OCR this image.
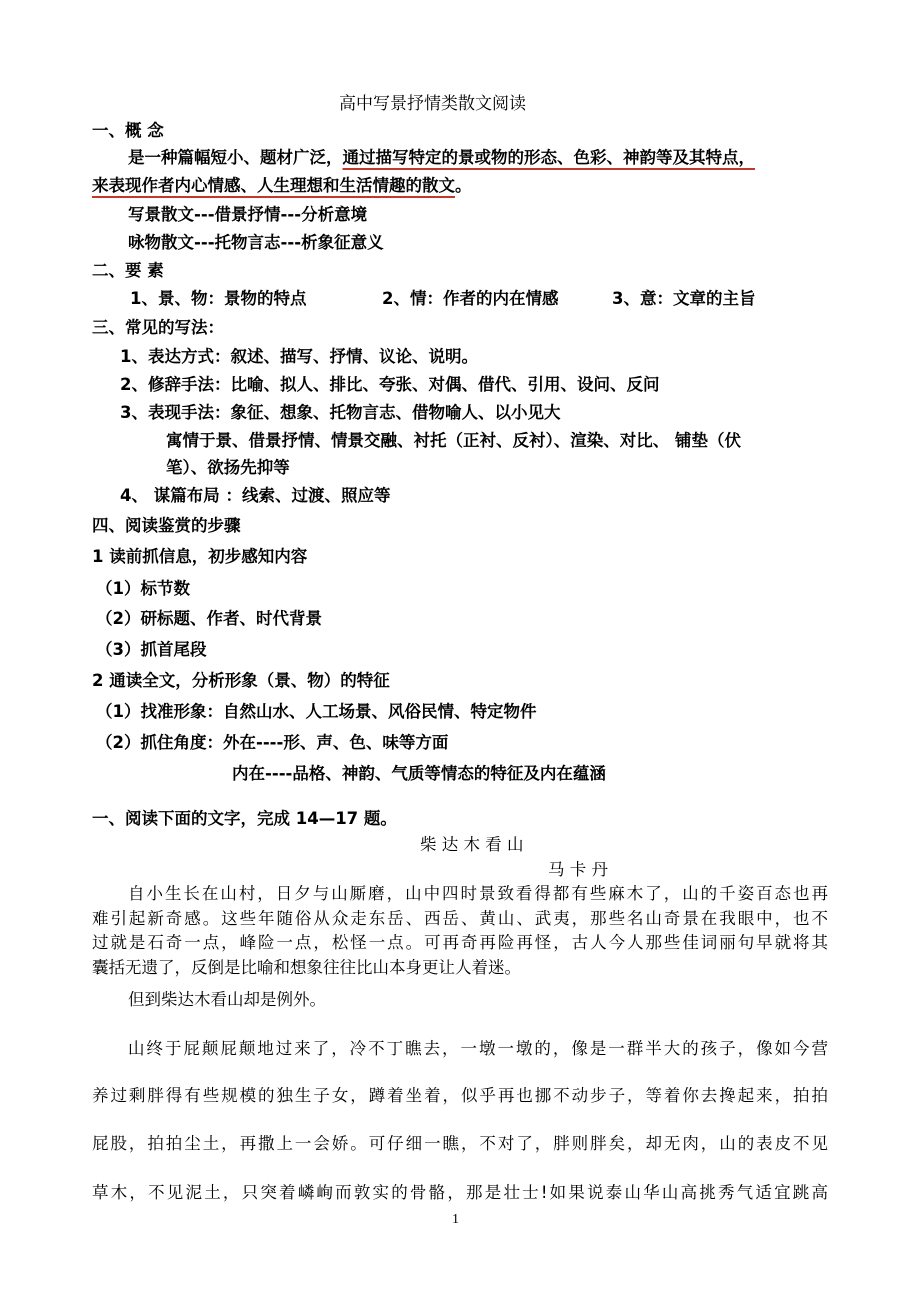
高中写景抒情类散文阅读
一、概 念
是一种篇幅短小、题材广泛，通过描写特定的景或物的形态、色彩、神韵等及其特点，
来表现作者内心情感、人生理想和生活情趣的散文。
写景散文---借景抒情---分析意境
咏物散文---托物言志---析象征意义
二、要 素
1、景、物：景物的特点	2、情：作者的内在情感	3、意：文章的主旨
三、常见的写法：
1、表达方式：叙述、描写、抒情、议论、说明。
2、修辞手法：比喻、拟人、排比、夸张、对偶、借代、引用、设问、反问
3、表现手法：象征、想象、托物言志、借物喻人、以小见大
寓情于景、借景抒情、情景交融、衬托（正衬、反衬）、渲染、对比、 铺垫（伏
笔）、欲扬先抑等
4、 谋篇布局 ：线索、过渡、照应等
四、阅读鉴赏的步骤
1 读前抓信息，初步感知内容
（1）标节数
（2）研标题、作者、时代背景
（3）抓首尾段
2 通读全文，分析形象（景、物）的特征
（1）找准形象：自然山水、人工场景、风俗民情、特定物件
（2）抓住角度：外在----形、声、色、味等方面
内在----品格、神韵、气质等情态的特征及内在蕴涵
一、阅读下面的文字，完成 14—17 题。
柴 达 木 看 山
马 卡 丹
自小生长在山村，日夕与山厮磨，山中四时景致看得都有些麻木了，山的千姿百态也再
难引起新奇感。这些年随俗从众走东岳、西岳、黄山、武夷，那些名山奇景在我眼中，也不
过就是石奇一点，峰险一点，松怪一点。可再奇再险再怪，古人今人那些佳词丽句早就将其
囊括无遗了，反倒是比喻和想象往往比山本身更让人着迷。
但到柴达木看山却是例外。
山终于屁颠屁颠地过来了，冷不丁瞧去，一墩一墩的，像是一群半大的孩子，像如今营
养过剩胖得有些规模的独生子女，蹲着坐着，似乎再也挪不动步子，等着你去搀起来，拍拍
屁股，拍拍尘土，再撒上一会娇。可仔细一瞧，不对了，胖则胖矣，却无肉，山的表皮不见
草木，不见泥土，只突着嶙峋而敦实的骨骼，那是壮士!如果说泰山华山高挑秀气适宜跳高
1
